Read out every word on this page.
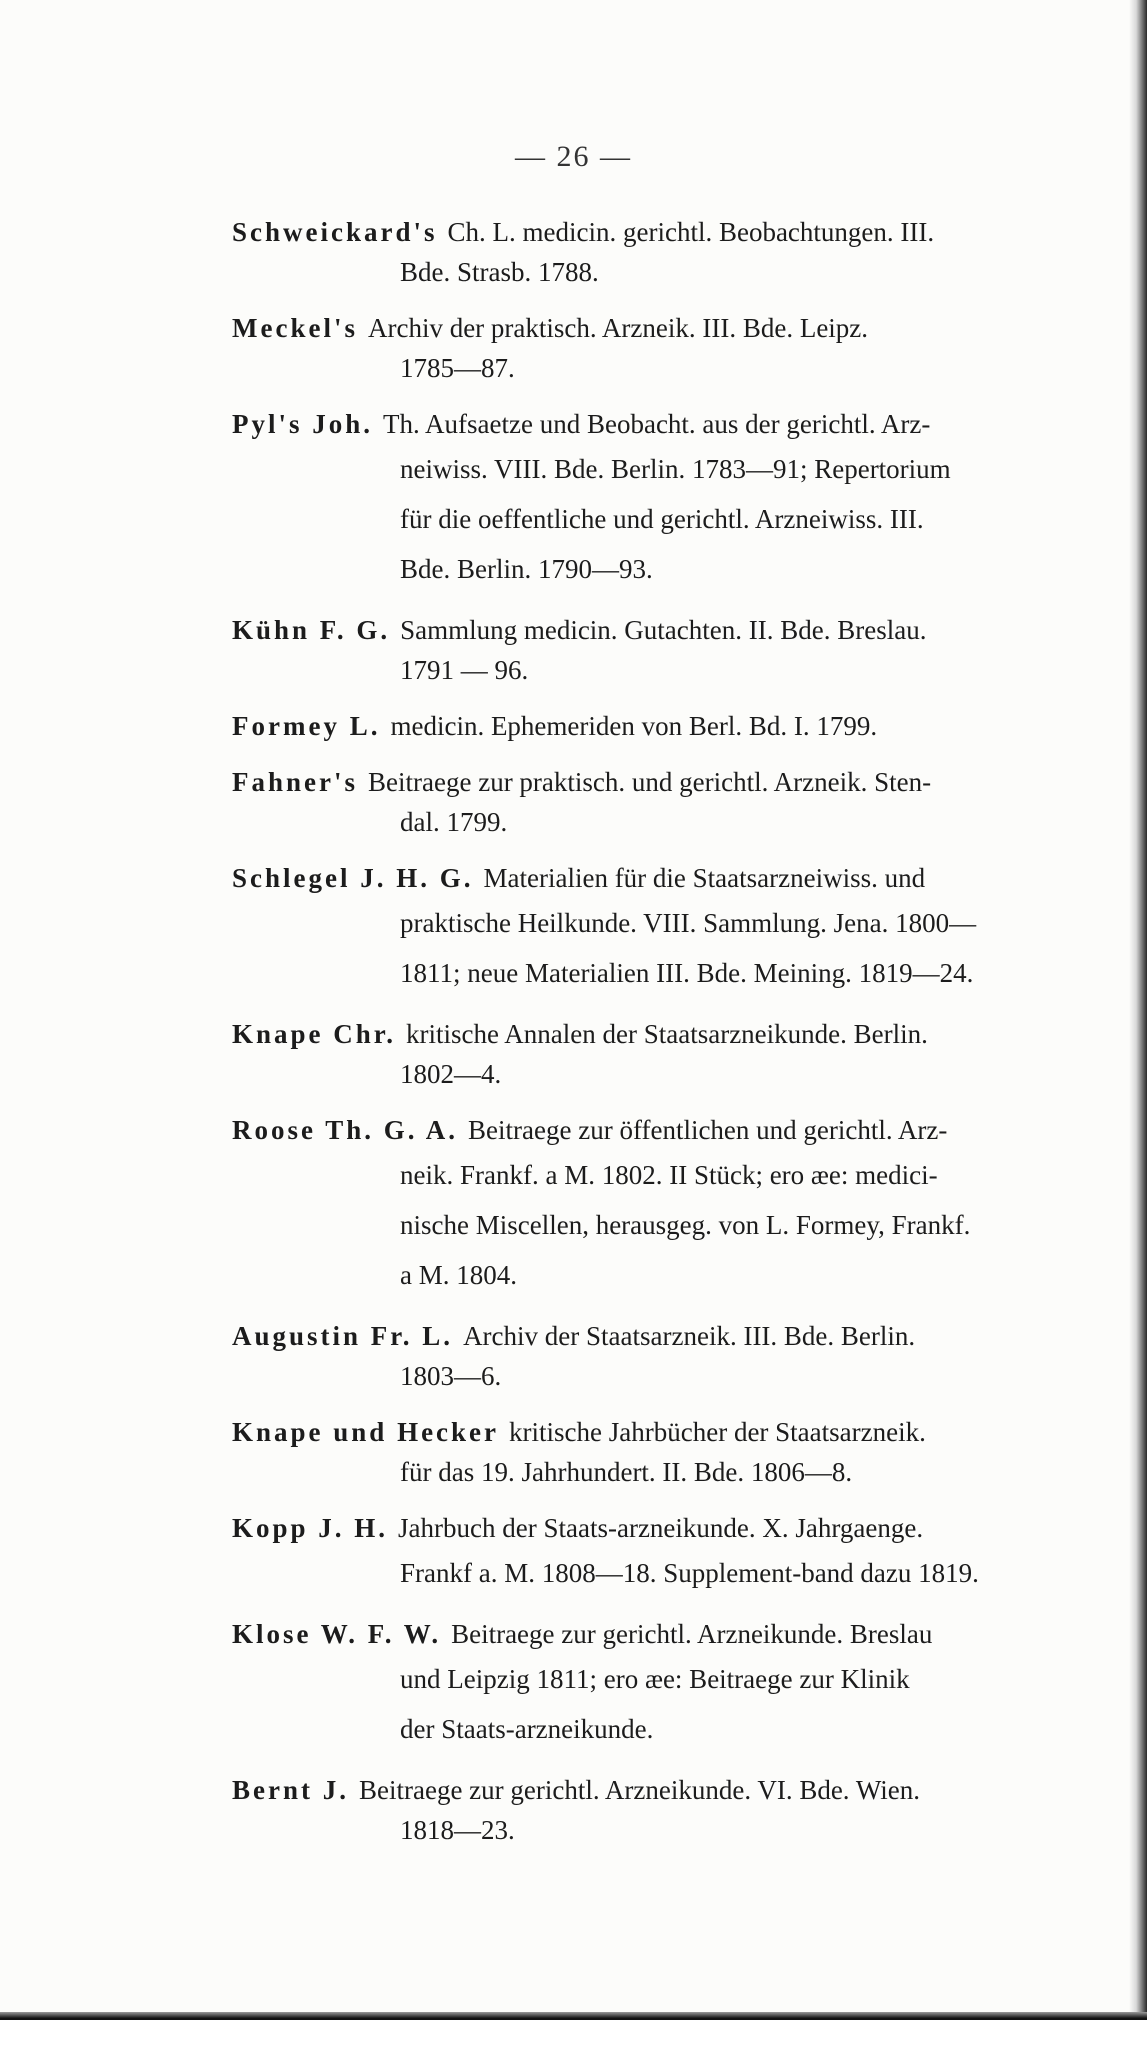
— 26 —
Schweickard's Ch. L. medicin. gerichtl. Beobachtungen. III.
Bde. Strasb. 1788.
Meckel's Archiv der praktisch. Arzneik. III. Bde. Leipz.
1785—87.
Pyl's Joh. Th. Aufsaetze und Beobacht. aus der gerichtl. Arz-
neiwiss. VIII. Bde. Berlin. 1783—91; Repertorium
für die oeffentliche und gerichtl. Arzneiwiss. III.
Bde. Berlin. 1790—93.
Kühn F. G. Sammlung medicin. Gutachten. II. Bde. Breslau.
1791 — 96.
Formey L. medicin. Ephemeriden von Berl. Bd. I. 1799.
Fahner's Beitraege zur praktisch. und gerichtl. Arzneik. Sten-
dal. 1799.
Schlegel J. H. G. Materialien für die Staatsarzneiwiss. und
praktische Heilkunde. VIII. Sammlung. Jena. 1800—
1811; neue Materialien III. Bde. Meining. 1819—24.
Knape Chr. kritische Annalen der Staatsarzneikunde. Berlin.
1802—4.
Roose Th. G. A. Beitraege zur öffentlichen und gerichtl. Arz-
neik. Frankf. a M. 1802. II Stück; ero ӕe: medici-
nische Miscellen, herausgeg. von L. Formey, Frankf.
a M. 1804.
Augustin Fr. L. Archiv der Staatsarzneik. III. Bde. Berlin.
1803—6.
Knape und Hecker kritische Jahrbücher der Staatsarzneik.
für das 19. Jahrhundert. II. Bde. 1806—8.
Kopp J. H. Jahrbuch der Staats-arzneikunde. X. Jahrgaenge.
Frankf a. M. 1808—18. Supplement-band dazu 1819.
Klose W. F. W. Beitraege zur gerichtl. Arzneikunde. Breslau
und Leipzig 1811; ero ӕe: Beitraege zur Klinik
der Staats-arzneikunde.
Bernt J. Beitraege zur gerichtl. Arzneikunde. VI. Bde. Wien.
1818—23.
